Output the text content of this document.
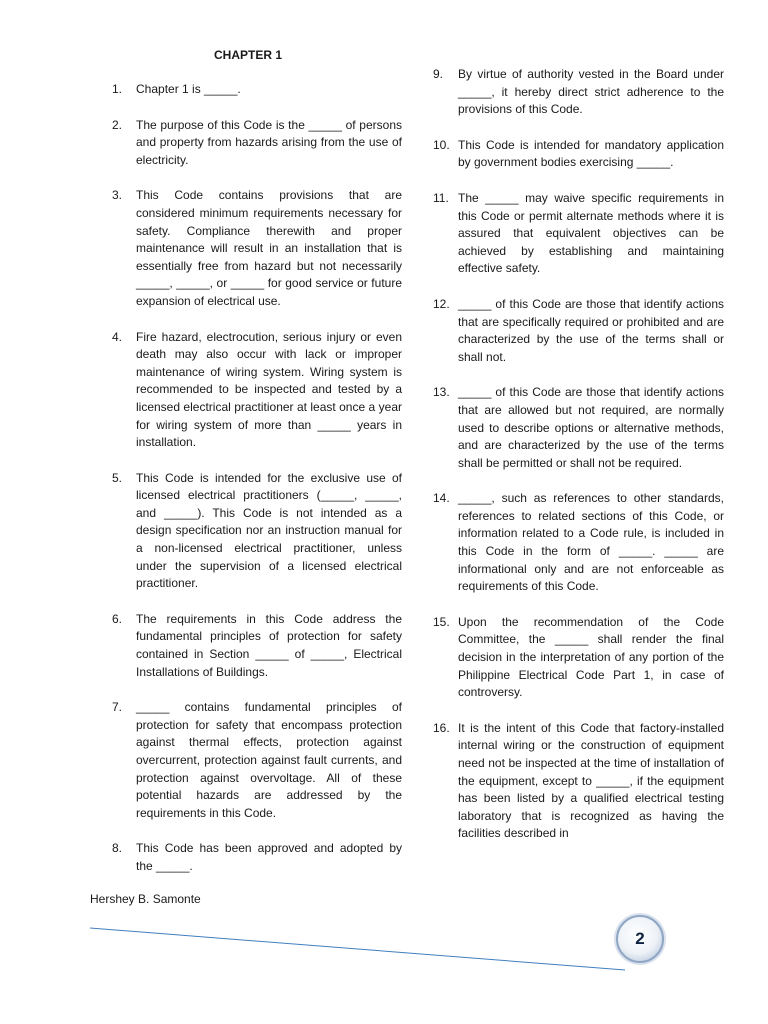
CHAPTER 1
1. Chapter 1 is _____.
2. The purpose of this Code is the _____ of persons and property from hazards arising from the use of electricity.
3. This Code contains provisions that are considered minimum requirements necessary for safety. Compliance therewith and proper maintenance will result in an installation that is essentially free from hazard but not necessarily _____, _____, or _____ for good service or future expansion of electrical use.
4. Fire hazard, electrocution, serious injury or even death may also occur with lack or improper maintenance of wiring system. Wiring system is recommended to be inspected and tested by a licensed electrical practitioner at least once a year for wiring system of more than _____ years in installation.
5. This Code is intended for the exclusive use of licensed electrical practitioners (_____, _____, and _____). This Code is not intended as a design specification nor an instruction manual for a non-licensed electrical practitioner, unless under the supervision of a licensed electrical practitioner.
6. The requirements in this Code address the fundamental principles of protection for safety contained in Section _____ of _____, Electrical Installations of Buildings.
7. _____ contains fundamental principles of protection for safety that encompass protection against thermal effects, protection against overcurrent, protection against fault currents, and protection against overvoltage. All of these potential hazards are addressed by the requirements in this Code.
8. This Code has been approved and adopted by the _____.
9. By virtue of authority vested in the Board under _____, it hereby direct strict adherence to the provisions of this Code.
10. This Code is intended for mandatory application by government bodies exercising _____.
11. The _____ may waive specific requirements in this Code or permit alternate methods where it is assured that equivalent objectives can be achieved by establishing and maintaining effective safety.
12. _____ of this Code are those that identify actions that are specifically required or prohibited and are characterized by the use of the terms shall or shall not.
13. _____ of this Code are those that identify actions that are allowed but not required, are normally used to describe options or alternative methods, and are characterized by the use of the terms shall be permitted or shall not be required.
14. _____, such as references to other standards, references to related sections of this Code, or information related to a Code rule, is included in this Code in the form of _____. _____ are informational only and are not enforceable as requirements of this Code.
15. Upon the recommendation of the Code Committee, the _____ shall render the final decision in the interpretation of any portion of the Philippine Electrical Code Part 1, in case of controversy.
16. It is the intent of this Code that factory-installed internal wiring or the construction of equipment need not be inspected at the time of installation of the equipment, except to _____, if the equipment has been listed by a qualified electrical testing laboratory that is recognized as having the facilities described in
Hershey B. Samonte
2
